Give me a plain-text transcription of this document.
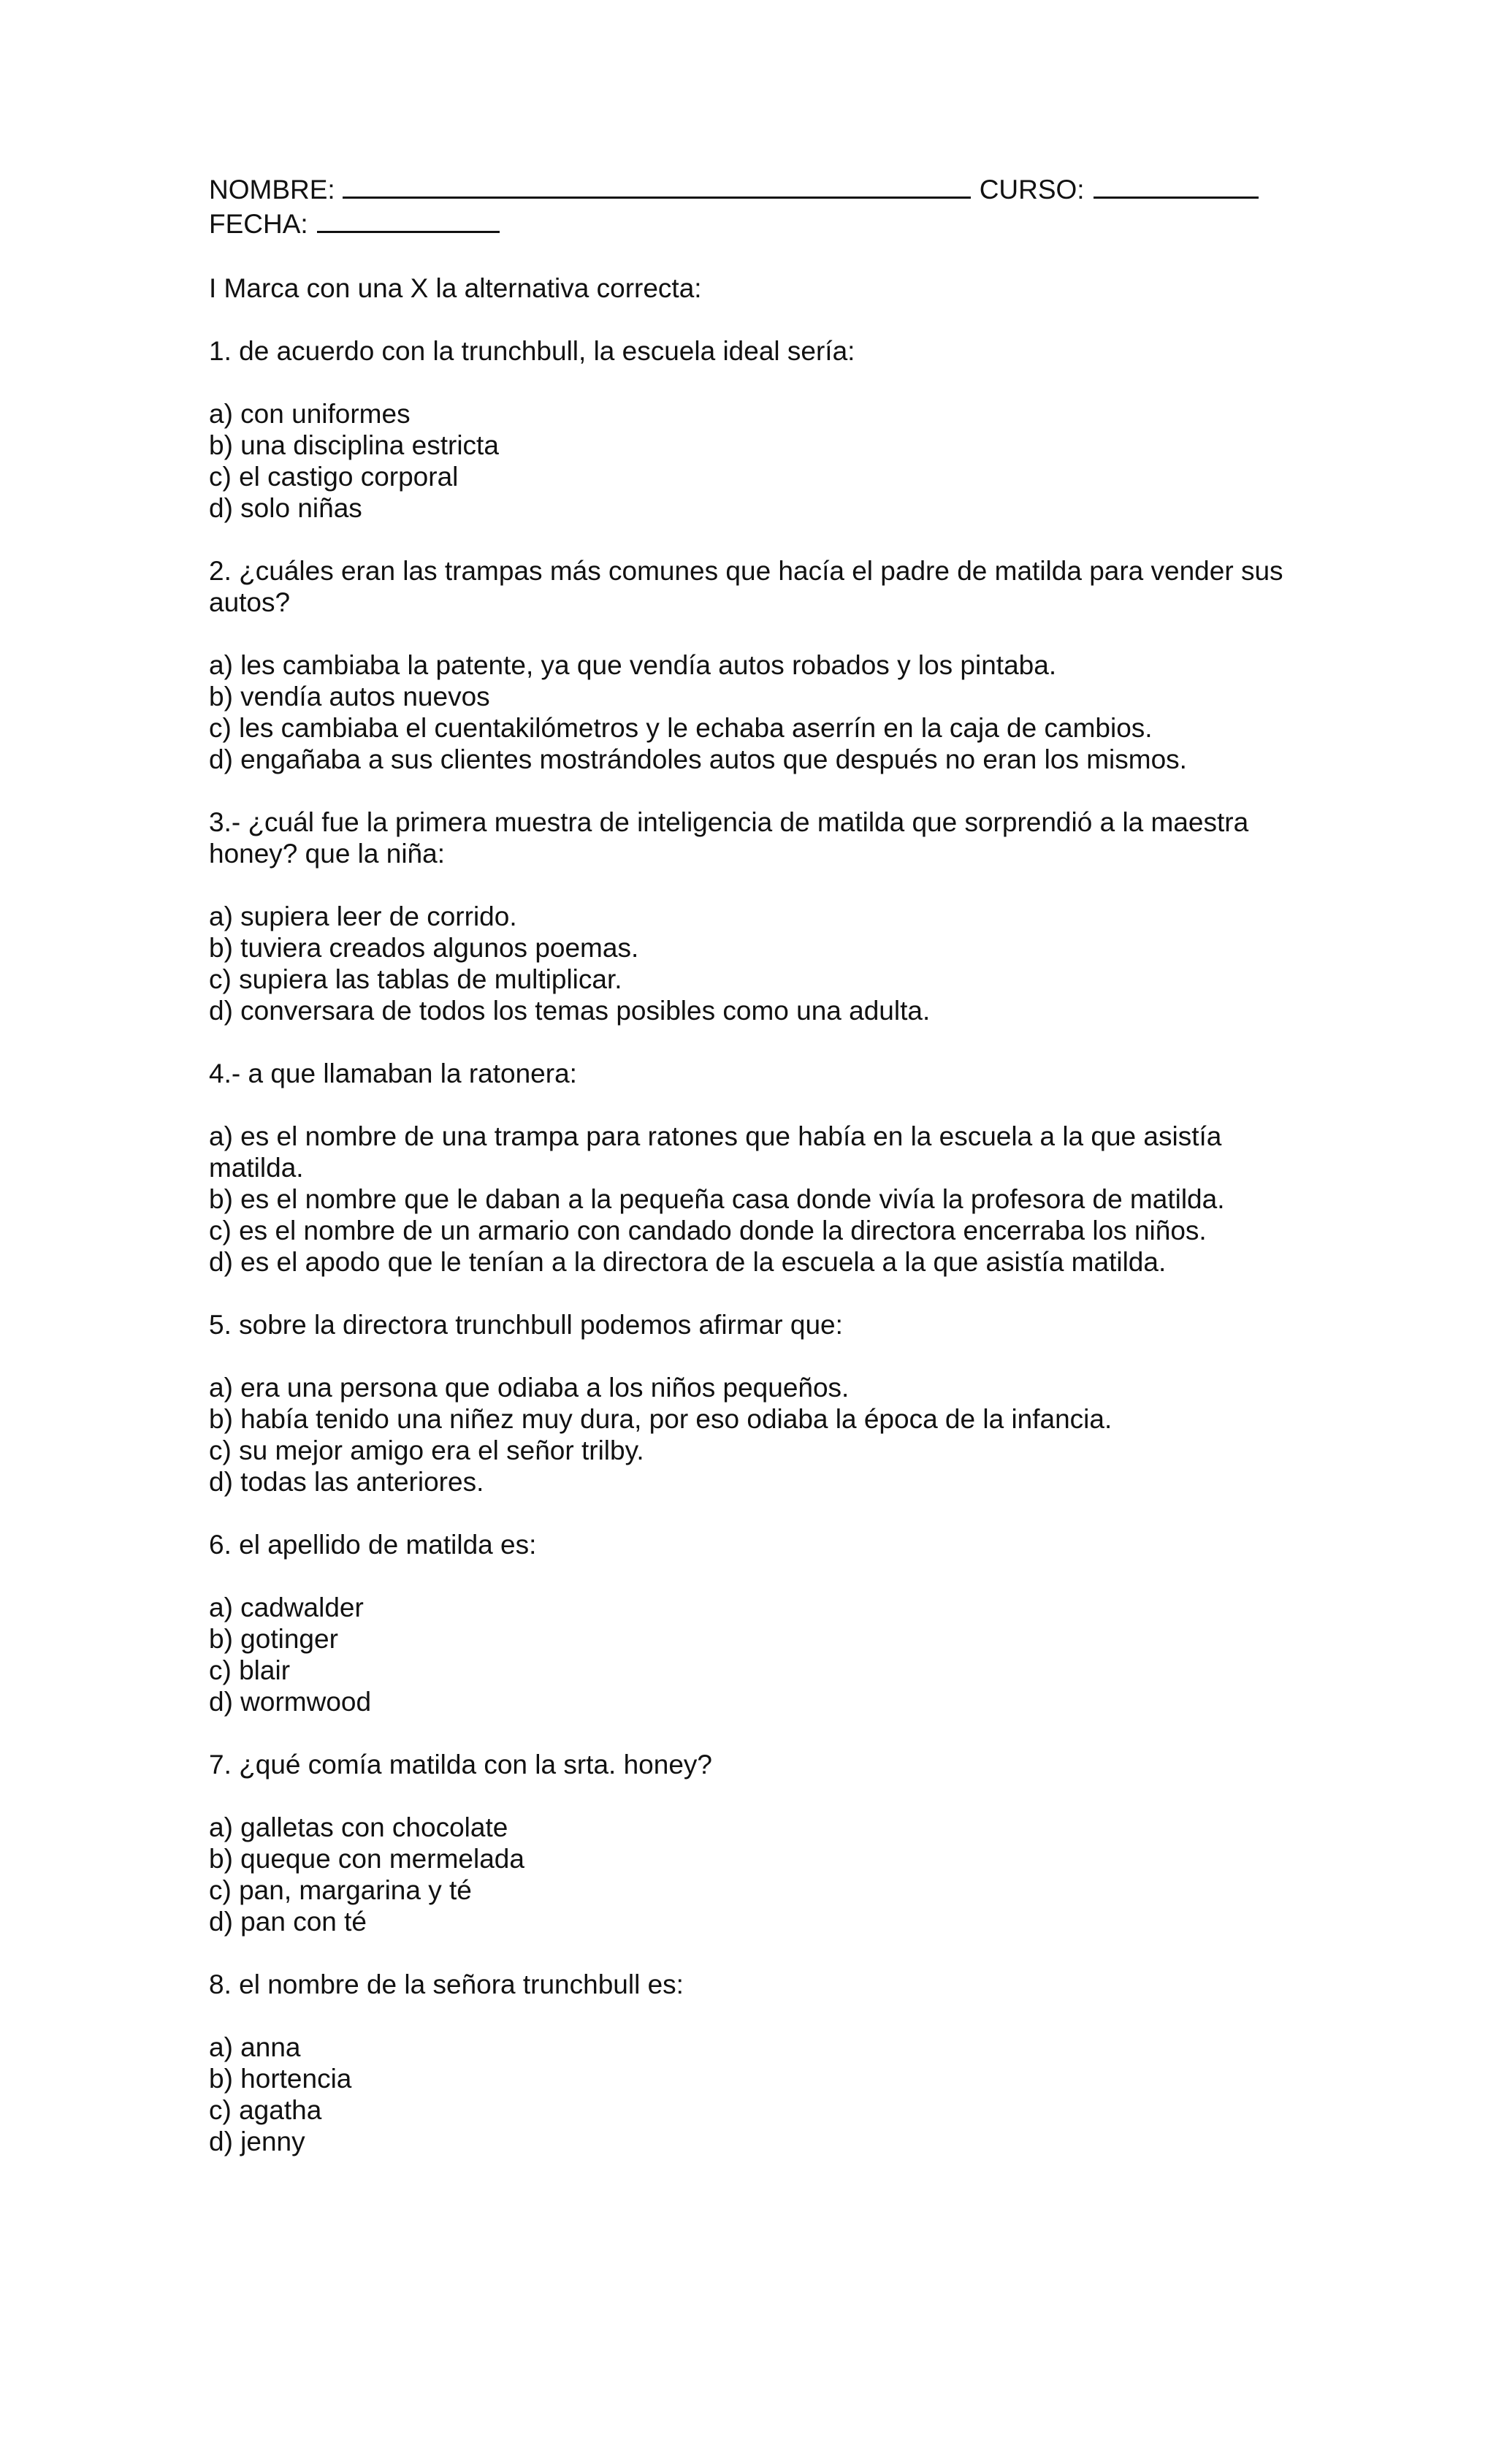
NOMBRE:	CURSO:
FECHA:
I Marca con una X la alternativa correcta:
1. de acuerdo con la trunchbull, la escuela ideal sería:
a) con uniformes
b) una disciplina estricta
c) el castigo corporal
d) solo niñas
2. ¿cuáles eran las trampas más comunes que hacía el padre de matilda para vender sus autos?
a) les cambiaba la patente, ya que vendía autos robados y los pintaba.
b) vendía autos nuevos
c) les cambiaba el cuentakilómetros y le echaba aserrín en la caja de cambios.
d) engañaba a sus clientes mostrándoles autos que después no eran los mismos.
3.- ¿cuál fue la primera muestra de inteligencia de matilda que sorprendió a la maestra honey? que la niña:
a) supiera leer de corrido.
b) tuviera creados algunos poemas.
c) supiera las tablas de multiplicar.
d) conversara de todos los temas posibles como una adulta.
4.- a que llamaban la ratonera:
a) es el nombre de una trampa para ratones que había en la escuela a la que asistía matilda.
b) es el nombre que le daban a la pequeña casa donde vivía la profesora de matilda.
c) es el nombre de un armario con candado donde la directora encerraba los niños.
d) es el apodo que le tenían a la directora de la escuela a la que asistía matilda.
5. sobre la directora trunchbull podemos afirmar que:
a) era una persona que odiaba a los niños pequeños.
b) había tenido una niñez muy dura, por eso odiaba la época de la infancia.
c) su mejor amigo era el señor trilby.
d) todas las anteriores.
6. el apellido de matilda es:
a) cadwalder
b) gotinger
c) blair
d) wormwood
7. ¿qué comía matilda con la srta. honey?
a) galletas con chocolate
b) queque con mermelada
c) pan, margarina y té
d) pan con té
8. el nombre de la señora trunchbull es:
a) anna
b) hortencia
c) agatha
d) jenny
